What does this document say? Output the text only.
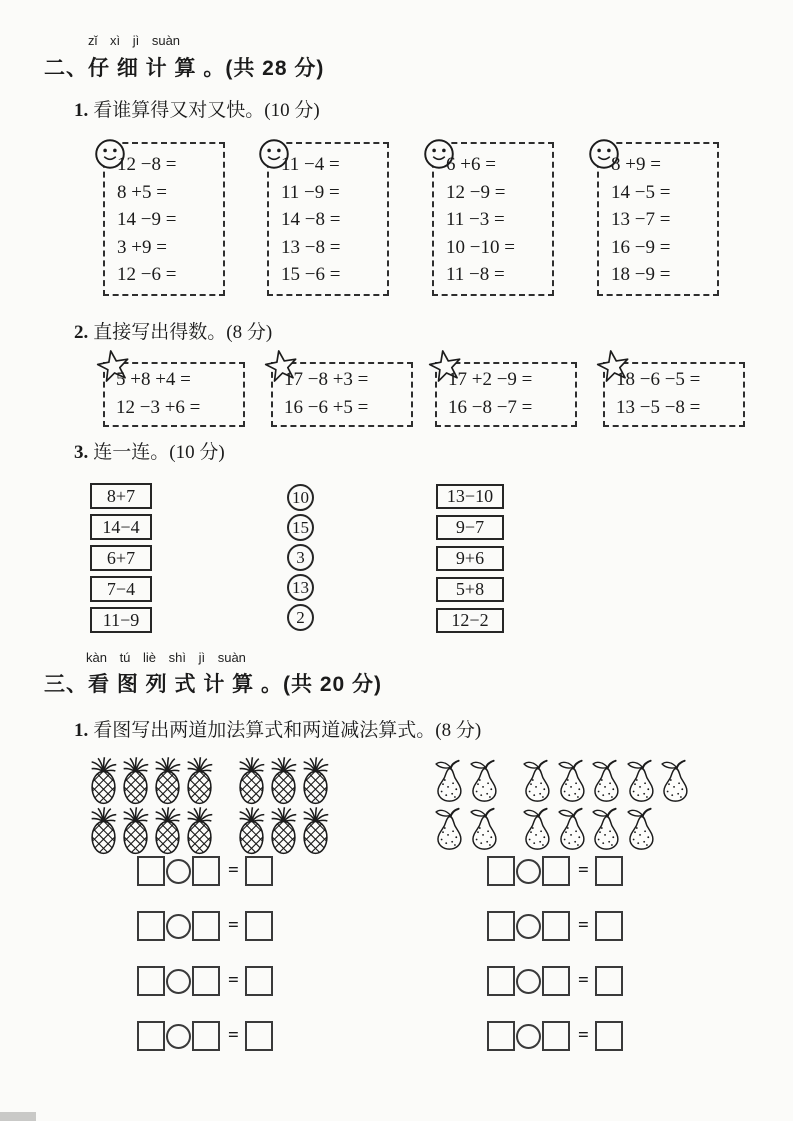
zǐ xì jì suàn
二、仔 细 计 算 。(共 28 分)
1. 看谁算得又对又快。(10 分)
12 −8 =
8 +5 =
14 −9 =
3 +9 =
12 −6 =
11 −4 =
11 −9 =
14 −8 =
13 −8 =
15 −6 =
6 +6 =
12 −9 =
11 −3 =
10 −10 =
11 −8 =
8 +9 =
14 −5 =
13 −7 =
16 −9 =
18 −9 =
2. 直接写出得数。(8 分)
5 +8 +4 =
12 −3 +6 =
17 −8 +3 =
16 −6 +5 =
17 +2 −9 =
16 −8 −7 =
18 −6 −5 =
13 −5 −8 =
3. 连一连。(10 分)
8+7
14−4
6+7
7−4
11−9
10
15
3
13
2
13−10
9−7
9+6
5+8
12−2
kàn tú liè shì jì suàn
三、看 图 列 式 计 算 。(共 20 分)
1. 看图写出两道加法算式和两道减法算式。(8 分)
=
=
=
=
=
=
=
=
